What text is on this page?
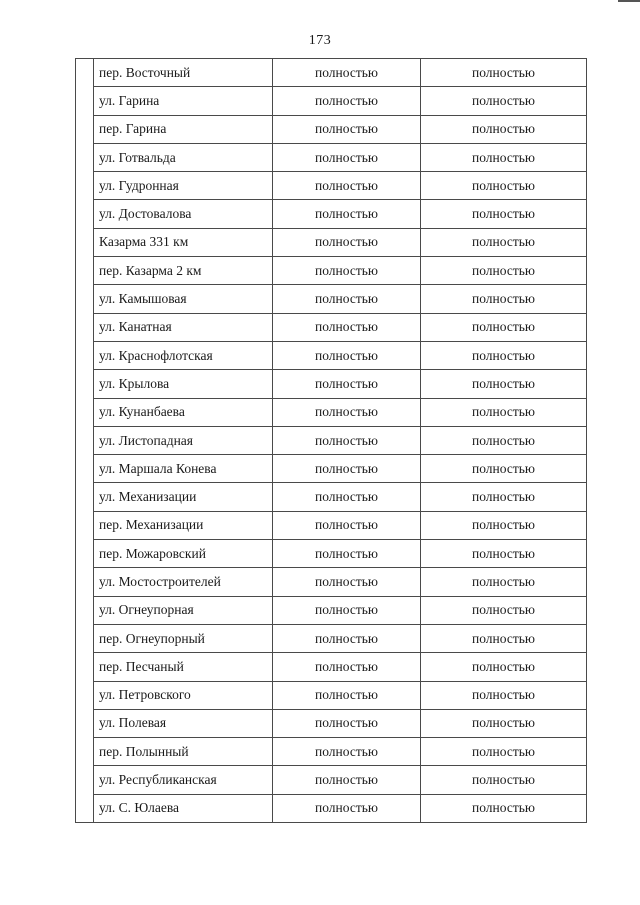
173
	пер. Восточный	полностью	полностью
	ул. Гарина	полностью	полностью
	пер. Гарина	полностью	полностью
	ул. Готвальда	полностью	полностью
	ул. Гудронная	полностью	полностью
	ул. Достовалова	полностью	полностью
	Казарма 331 км	полностью	полностью
	пер. Казарма 2 км	полностью	полностью
	ул. Камышовая	полностью	полностью
	ул. Канатная	полностью	полностью
	ул. Краснофлотская	полностью	полностью
	ул. Крылова	полностью	полностью
	ул. Кунанбаева	полностью	полностью
	ул. Листопадная	полностью	полностью
	ул. Маршала Конева	полностью	полностью
	ул. Механизации	полностью	полностью
	пер. Механизации	полностью	полностью
	пер. Можаровский	полностью	полностью
	ул. Мостостроителей	полностью	полностью
	ул. Огнеупорная	полностью	полностью
	пер. Огнеупорный	полностью	полностью
	пер. Песчаный	полностью	полностью
	ул. Петровского	полностью	полностью
	ул. Полевая	полностью	полностью
	пер. Полынный	полностью	полностью
	ул. Республиканская	полностью	полностью
	ул. С. Юлаева	полностью	полностью
